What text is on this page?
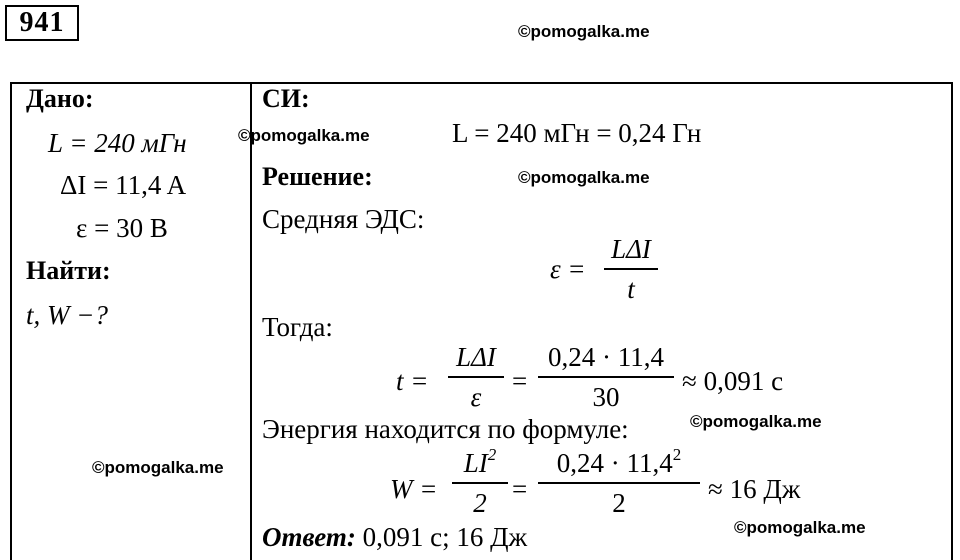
941	©pomogalka.me
Дано:
L = 240 мГн
ΔI = 11,4 A
ε = 30 В
Найти:
t, W −?
©pomogalka.me
©pomogalka.me
СИ:
L = 240 мГн = 0,24 Гн
Решение:	©pomogalka.me
Средняя ЭДС:
ε =
LΔI
t
Тогда:
t =
LΔI
ε
=
0,24 · 11,4
30
≈ 0,091 с
Энергия находится по формуле:	©pomogalka.me
W =
$LI^2$
2 =
$0,24 \cdot 11,4^2$
2	≈ 16 Дж
Ответ: 0,091 с; 16 Дж	©pomogalka.me
